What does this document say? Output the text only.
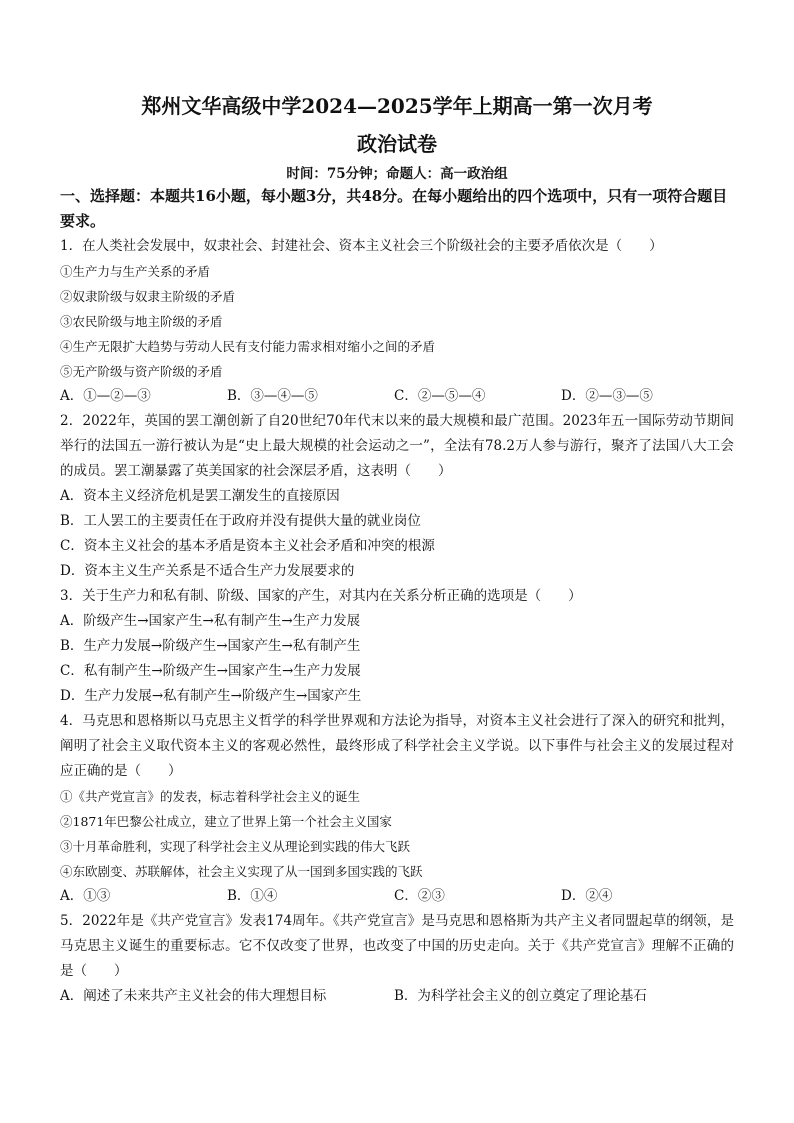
郑州文华高级中学2024—2025学年上期高一第一次月考
政治试卷

时间：75分钟；命题人：高一政治组

一、选择题：本题共16小题，每小题3分，共48分。在每小题给出的四个选项中，只有一项符合题目要求。

1．在人类社会发展中，奴隶社会、封建社会、资本主义社会三个阶级社会的主要矛盾依次是（　　）

①生产力与生产关系的矛盾

②奴隶阶级与奴隶主阶级的矛盾

③农民阶级与地主阶级的矛盾

④生产无限扩大趋势与劳动人民有支付能力需求相对缩小之间的矛盾

⑤无产阶级与资产阶级的矛盾

A．①—②—③	B．③—④—⑤	C．②—⑤—④	D．②—③—⑤

2．2022年，英国的罢工潮创新了自20世纪70年代末以来的最大规模和最广范围。2023年五一国际劳动节期间举行的法国五一游行被认为是“史上最大规模的社会运动之一”，全法有78.2万人参与游行，聚齐了法国八大工会的成员。罢工潮暴露了英美国家的社会深层矛盾，这表明（　　）

A．资本主义经济危机是罢工潮发生的直接原因

B．工人罢工的主要责任在于政府并没有提供大量的就业岗位

C．资本主义社会的基本矛盾是资本主义社会矛盾和冲突的根源

D．资本主义生产关系是不适合生产力发展要求的

3．关于生产力和私有制、阶级、国家的产生，对其内在关系分析正确的选项是（　　）

A．阶级产生→国家产生→私有制产生→生产力发展

B．生产力发展→阶级产生→国家产生→私有制产生

C．私有制产生→阶级产生→国家产生→生产力发展

D．生产力发展→私有制产生→阶级产生→国家产生

4．马克思和恩格斯以马克思主义哲学的科学世界观和方法论为指导，对资本主义社会进行了深入的研究和批判，阐明了社会主义取代资本主义的客观必然性，最终形成了科学社会主义学说。以下事件与社会主义的发展过程对应正确的是（　　）

①《共产党宣言》的发表，标志着科学社会主义的诞生

②1871年巴黎公社成立，建立了世界上第一个社会主义国家

③十月革命胜利，实现了科学社会主义从理论到实践的伟大飞跃

④东欧剧变、苏联解体，社会主义实现了从一国到多国实践的飞跃

A．①③	B．①④	C．②③	D．②④

5．2022年是《共产党宣言》发表174周年。《共产党宣言》是马克思和恩格斯为共产主义者同盟起草的纲领，是马克思主义诞生的重要标志。它不仅改变了世界，也改变了中国的历史走向。关于《共产党宣言》理解不正确的是（　　）

A．阐述了未来共产主义社会的伟大理想目标	B．为科学社会主义的创立奠定了理论基石
